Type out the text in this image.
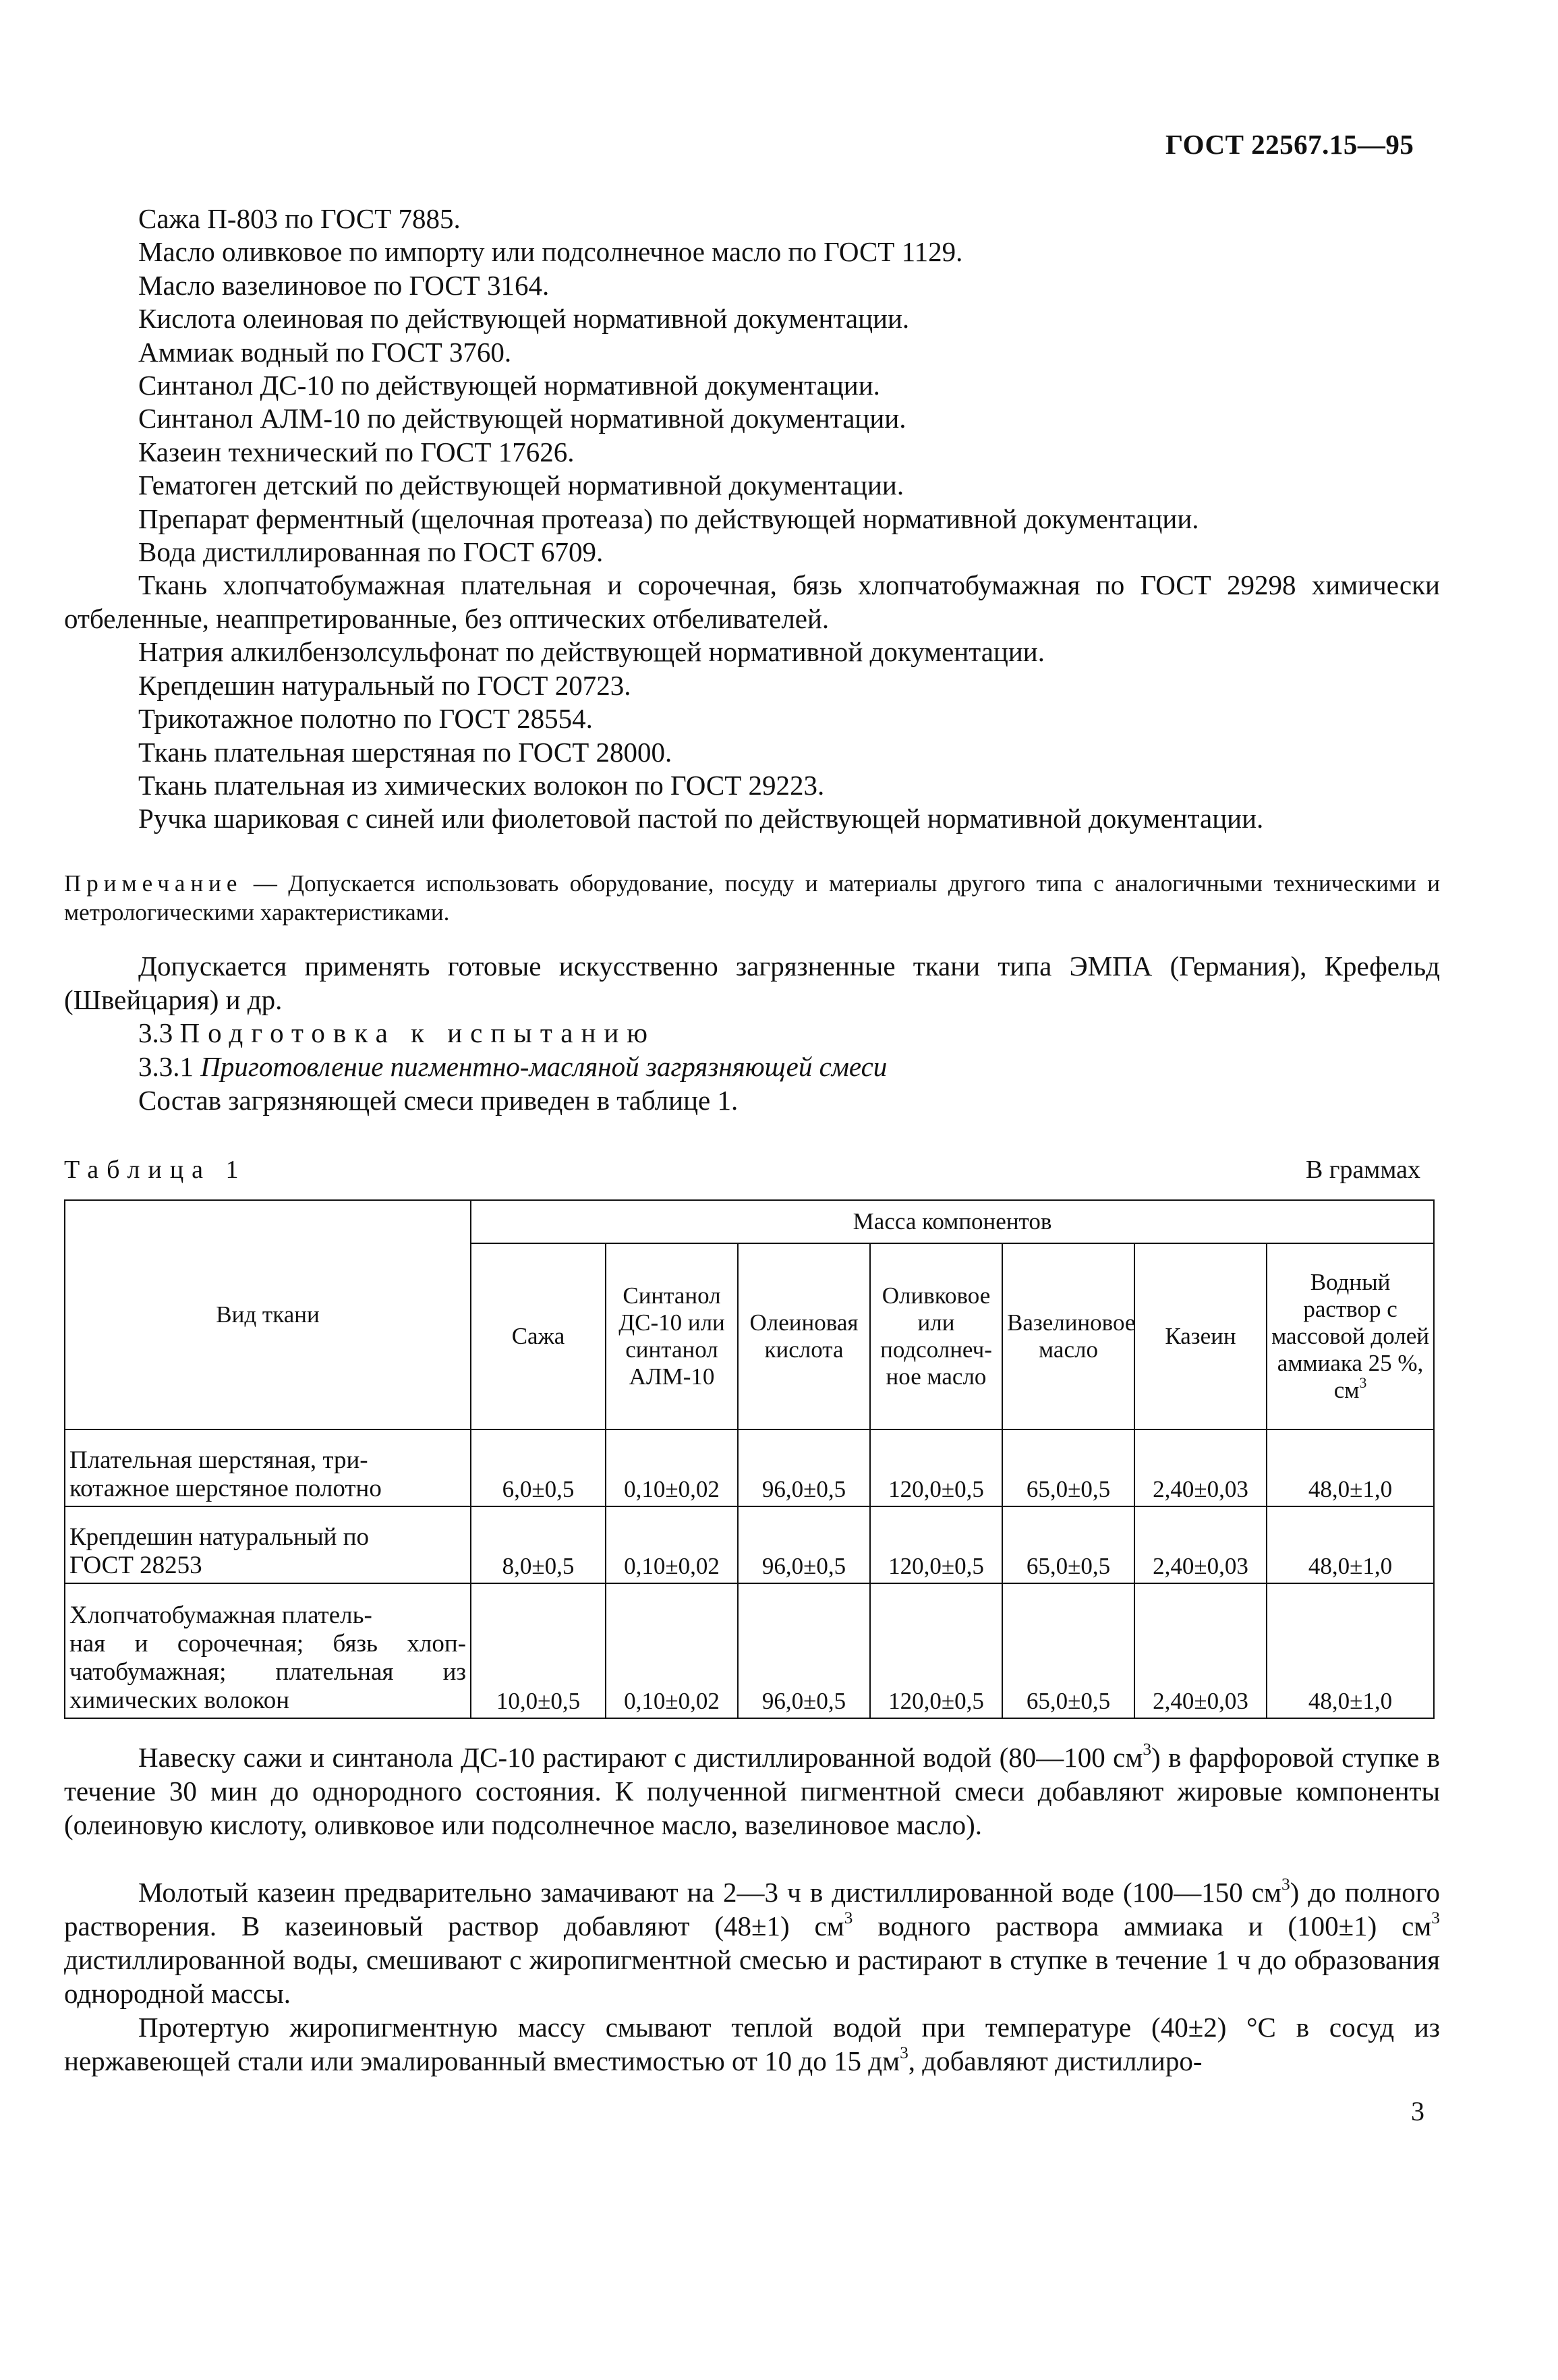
ГОСТ 22567.15—95
Сажа П-803 по ГОСТ 7885.
Масло оливковое по импорту или подсолнечное масло по ГОСТ 1129.
Масло вазелиновое по ГОСТ 3164.
Кислота олеиновая по действующей нормативной документации.
Аммиак водный по ГОСТ 3760.
Синтанол ДС-10 по действующей нормативной документации.
Синтанол АЛМ-10 по действующей нормативной документации.
Казеин технический по ГОСТ 17626.
Гематоген детский по действующей нормативной документации.
Препарат ферментный (щелочная протеаза) по действующей нормативной документации.
Вода дистиллированная по ГОСТ 6709.
Ткань хлопчатобумажная плательная и сорочечная, бязь хлопчатобумажная по ГОСТ 29298 химически отбеленные, неаппретированные, без оптических отбеливателей.
Натрия алкилбензолсульфонат по действующей нормативной документации.
Крепдешин натуральный по ГОСТ 20723.
Трикотажное полотно по ГОСТ 28554.
Ткань плательная шерстяная по ГОСТ 28000.
Ткань плательная из химических волокон по ГОСТ 29223.
Ручка шариковая с синей или фиолетовой пастой по действующей нормативной документации.
Примечание — Допускается использовать оборудование, посуду и материалы другого типа с аналогичными техническими и метрологическими характеристиками.
Допускается применять готовые искусственно загрязненные ткани типа ЭМПА (Германия), Крефельд (Швейцария) и др.
3.3 Подготовка к испытанию
3.3.1 Приготовление пигментно-масляной загрязняющей смеси
Состав загрязняющей смеси приведен в таблице 1.
Таблица 1	В граммах
Вид ткани	Масса компонентов						
	Сажа	Синтанол ДС-10 или синтанол АЛМ-10	Олеиновая кислота	Оливковое или подсолнеч-ное масло	Вазелиновое масло	Казеин	Водный раствор с массовой долей аммиака 25 %, $см^3$

Плательная шерстяная, три-
котажное шерстяное полотно	6,0±0,5	0,10±0,02	96,0±0,5	120,0±0,5	65,0±0,5	2,40±0,03	48,0±1,0

Крепдешин натуральный по
ГОСТ 28253	8,0±0,5	0,10±0,02	96,0±0,5	120,0±0,5	65,0±0,5	2,40±0,03	48,0±1,0

Хлопчатобумажная платель-
ная и сорочечная; бязь хлоп-чатобумажная; плательная из химических волокон	10,0±0,5	0,10±0,02	96,0±0,5	120,0±0,5	65,0±0,5	2,40±0,03	48,0±1,0
Навеску сажи и синтанола ДС-10 растирают с дистиллированной водой (80—100 $см^3$) в фарфоровой ступке в течение 30 мин до однородного состояния. К полученной пигментной смеси добавляют жировые компоненты (олеиновую кислоту, оливковое или подсолнечное масло, вазелиновое масло).
Молотый казеин предварительно замачивают на 2—3 ч в дистиллированной воде (100—150 $см^3$) до полного растворения. В казеиновый раствор добавляют (48±1) $см^3$ водного раствора аммиака и (100±1) $см^3$ дистиллированной воды, смешивают с жиропигментной смесью и растирают в ступке в течение 1 ч до образования однородной массы.
Протертую жиропигментную массу смывают теплой водой при температуре (40±2) °С в сосуд из нержавеющей стали или эмалированный вместимостью от 10 до 15 $дм^3$, добавляют дистиллиро-
3
